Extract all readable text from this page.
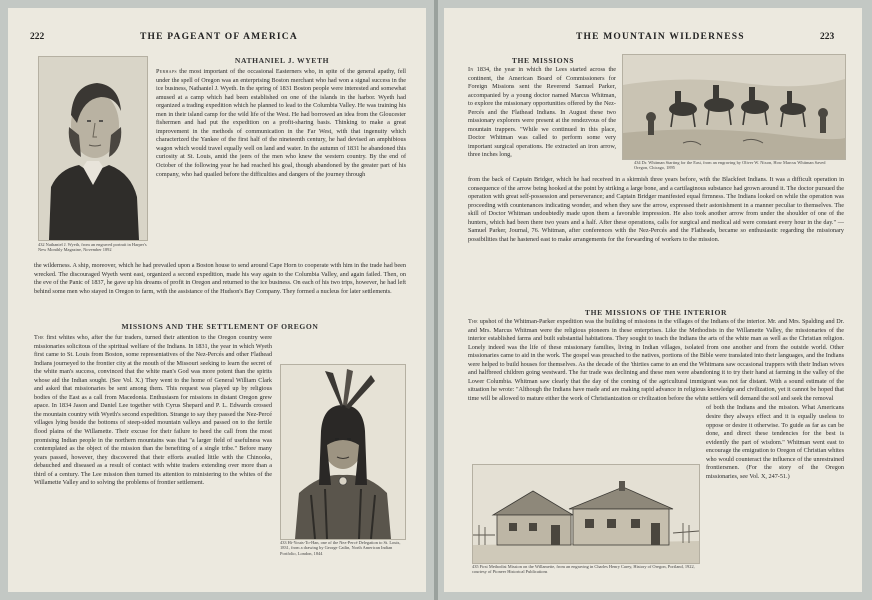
222	THE PAGEANT OF AMERICA
432 Nathaniel J. Wyeth, from an engraved portrait in Harper's New Monthly Magazine, November 1892
NATHANIEL J. WYETH

Perhaps the most important of the occasional Easterners who, in spite of the general apathy, fell under the spell of Oregon was an enterprising Boston merchant who had won a signal success in the ice business, Nathaniel J. Wyeth. In the spring of 1831 Boston people were interested and somewhat amused at a camp which had been established on one of the islands in the harbor. Wyeth had organized a trading expedition which he planned to lead to the Columbia Valley. He was training his men in their island camp for the wild life of the West. He had borrowed an idea from the Gloucester fishermen and had put the expedition on a profit-sharing basis. Thinking to make a great improvement in the methods of communication in the Far West, with that ingenuity which characterized the Yankee of the first half of the nineteenth century, he had devised an amphibious wagon which would travel equally well on land and water. In the autumn of 1831 he abandoned this curiosity at St. Louis, amid the jeers of the men who knew the western country. By the end of October of the following year he had reached his goal, though abandoned by the greater part of his company, who had quailed before the difficulties and dangers of the journey through

the wilderness. A ship, moreover, which he had prevailed upon a Boston house to send around Cape Horn to cooperate with him in the trade had been wrecked. The discouraged Wyeth went east, organized a second expedition, made his way again to the Columbia Valley, and again failed. Then, on the eve of the Panic of 1837, he gave up his dreams of profit in Oregon and returned to the ice business. On each of his two trips, however, he had left behind some men who stayed in Oregon to farm, with the assistance of the Hudson's Bay Company. They formed a nucleus for later settlements.

MISSIONS AND THE SETTLEMENT OF OREGON

The first whites who, after the fur traders, turned their attention to the Oregon country were missionaries solicitous of the spiritual welfare of the Indians. In 1831, the year in which Wyeth first came to St. Louis from Boston, some representatives of the Nez-Percés and other Flathead Indians journeyed to the frontier city at the mouth of the Missouri seeking to learn the secret of the white man's success, convinced that the white man's God was more potent than the spirits whose aid the Indian sought. (See Vol. X.) They went to the home of General William Clark and asked that missionaries be sent among them. This request was played up by religious bodies of the East as a call from Macedonia. Enthusiasm for missions in distant Oregon grew apace. In 1834 Jason and Daniel Lee together with Cyrus Shepard and P. L. Edwards crossed the mountain country with Wyeth's second expedition. Strange to say they passed the Nez-Percé villages lying beside the bottoms of steep-sided mountain valleys and passed on to the fertile flood plains of the Willamette. Their excuse for their failure to heed the call from the most promising Indian people in the northern mountains was that "a larger field of usefulness was contemplated as the object of the mission than the benefiting of a single tribe." Before many years passed, however, they discovered that their efforts availed little with the Chinooks, debauched and diseased as a result of contact with white traders extending over more than a third of a century. The Lee mission then turned its attention to ministering to the whites of the Willamette Valley and to solving the problems of frontier settlement.

433 Hi-Youts-To-Han, one of the Nez-Percé Delegation to St. Louis, 1831, from a drawing by George Catlin, North American Indian Portfolio, London, 1844
THE MOUNTAIN WILDERNESS	223
THE MISSIONS

In 1834, the year in which the Lees started across the continent, the American Board of Commissioners for Foreign Missions sent the Reverend Samuel Parker, accompanied by a young doctor named Marcus Whitman, to explore the missionary opportunities offered by the Nez-Percés and the Flathead Indians. In August these two missionary explorers were present at the rendezvous of the mountain trappers. "While we continued in this place, Doctor Whitman was called to perform some very important surgical operations. He extracted an iron arrow, three inches long,

434 Dr. Whitman Starting for the East, from an engraving by Oliver W. Nixon, How Marcus Whitman Saved Oregon, Chicago, 1895

from the back of Captain Bridger, which he had received in a skirmish three years before, with the Blackfeet Indians. It was a difficult operation in consequence of the arrow being hooked at the point by striking a large bone, and a cartilaginous substance had grown around it. The doctor pursued the operation with great self-possession and perseverance; and Captain Bridger manifested equal firmness. The Indians looked on while the operation was proceeding with countenances indicating wonder, and when they saw the arrow, expressed their astonishment in a manner peculiar to themselves. The skill of Doctor Whitman undoubtedly made upon them a favorable impression. He also took another arrow from under the shoulder of one of the hunters, which had been there two years and a half. After these operations, calls for surgical and medical aid were constant every hour in the day." — Samuel Parker, Journal, 76. Whitman, after conferences with the Nez-Percés and the Flatheads, became so enthusiastic regarding the missionary possibilities that he hastened east to make arrangements for the forwarding of workers to the mission.

THE MISSIONS OF THE INTERIOR

The upshot of the Whitman-Parker expedition was the building of missions in the villages of the Indians of the interior. Mr. and Mrs. Spalding and Dr. and Mrs. Marcus Whitman were the religious pioneers in these enterprises. Like the Methodists in the Willamette Valley, the missionaries of the interior established farms and built substantial habitations. They sought to teach the Indians the arts of the white man as well as the Christian religion. Lonely indeed was the life of these missionary families, living in Indian villages, isolated from one another and from the outside world. Other missionaries came to aid in the work. The gospel was preached to the natives, portions of the Bible were translated into their languages, and the Indians were helped to build houses for themselves. As the decade of the 'thirties came to an end the Whitmans saw occasional trappers with their Indian wives and halfbreed children going westward. The fur trade was declining and these men were abandoning it to try their hand at farming in the valley of the Lower Columbia. Whitman saw clearly that the day of the coming of the agricultural immigrant was not far distant. With a sound estimate of the situation he wrote: "Although the Indians have made and are making rapid advance in religious knowledge and civilization, yet it cannot be hoped that time will be allowed to mature either the work of Christianization or civilization before the white settlers will demand the soil and seek the removal

of both the Indians and the mission. What Americans desire they always effect and it is equally useless to oppose or desire it otherwise. To guide as far as can be done, and direct these tendencies for the best is evidently the part of wisdom." Whitman went east to encourage the emigration to Oregon of Christian whites who would counteract the influence of the unrestrained frontiersmen. (For the story of the Oregon missionaries, see Vol. X, 247-51.)

435 First Methodist Mission on the Willamette, from an engraving in Charles Henry Carey, History of Oregon, Portland, 1922, courtesy of Pioneer Historical Publications
